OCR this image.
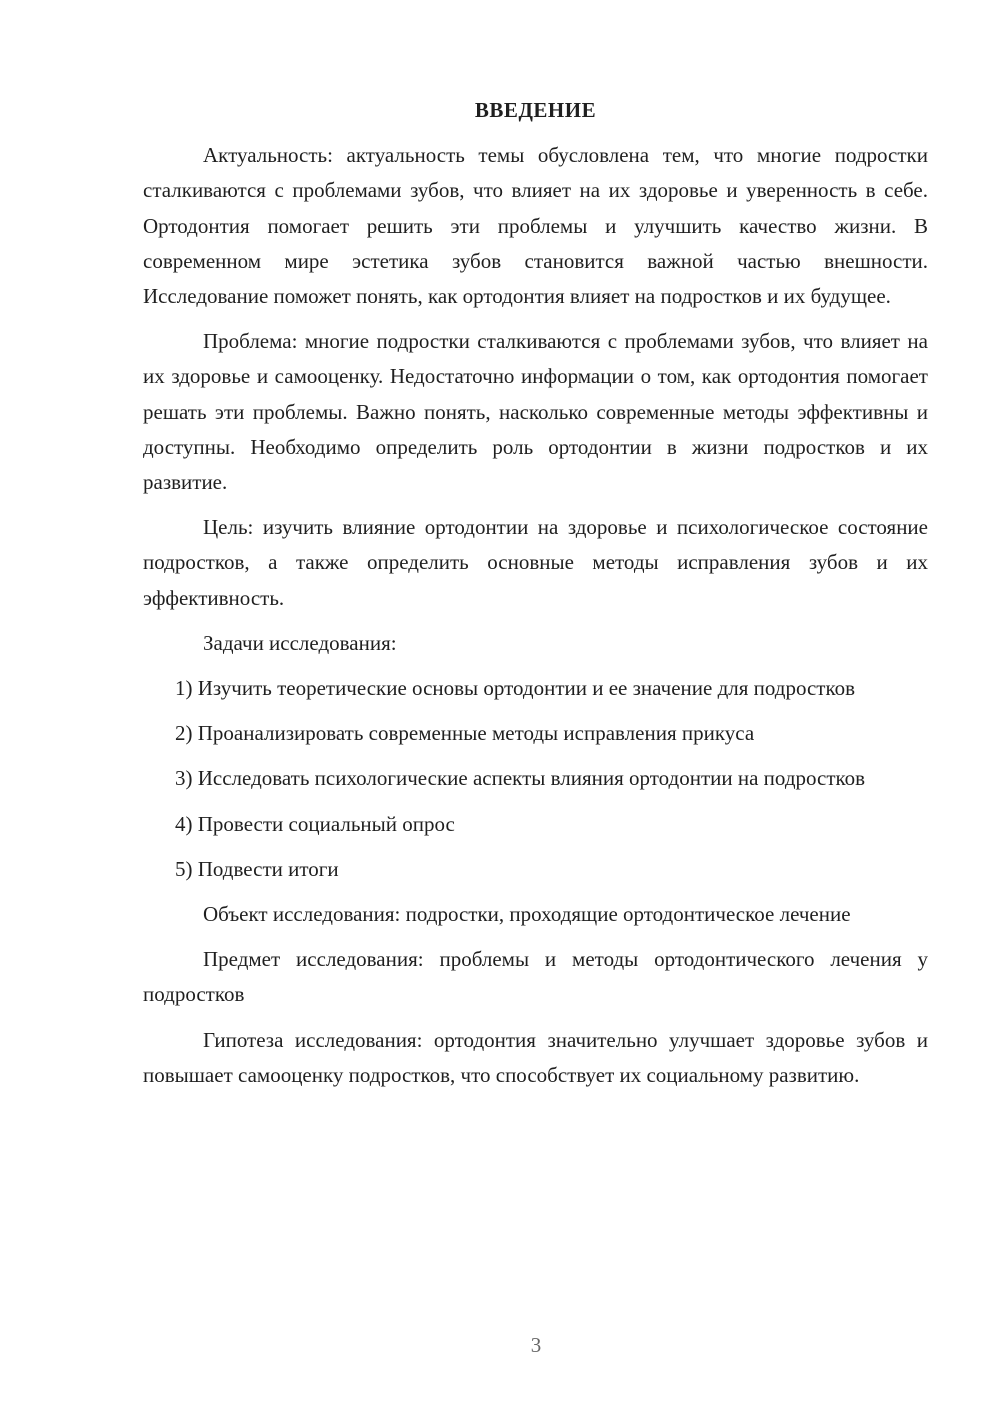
ВВЕДЕНИЕ

Актуальность: актуальность темы обусловлена тем, что многие подростки сталкиваются с проблемами зубов, что влияет на их здоровье и уверенность в себе. Ортодонтия помогает решить эти проблемы и улучшить качество жизни. В современном мире эстетика зубов становится важной частью внешности. Исследование поможет понять, как ортодонтия влияет на подростков и их будущее.

Проблема: многие подростки сталкиваются с проблемами зубов, что влияет на их здоровье и самооценку. Недостаточно информации о том, как ортодонтия помогает решать эти проблемы. Важно понять, насколько современные методы эффективны и доступны. Необходимо определить роль ортодонтии в жизни подростков и их развитие.

Цель: изучить влияние ортодонтии на здоровье и психологическое состояние подростков, а также определить основные методы исправления зубов и их эффективность.

Задачи исследования:

1) Изучить теоретические основы ортодонтии и ее значение для подростков

2) Проанализировать современные методы исправления прикуса

3) Исследовать психологические аспекты влияния ортодонтии на подростков

4) Провести социальный опрос

5) Подвести итоги

Объект исследования: подростки, проходящие ортодонтическое лечение

Предмет исследования: проблемы и методы ортодонтического лечения у подростков

Гипотеза исследования: ортодонтия значительно улучшает здоровье зубов и повышает самооценку подростков, что способствует их социальному развитию.

3
